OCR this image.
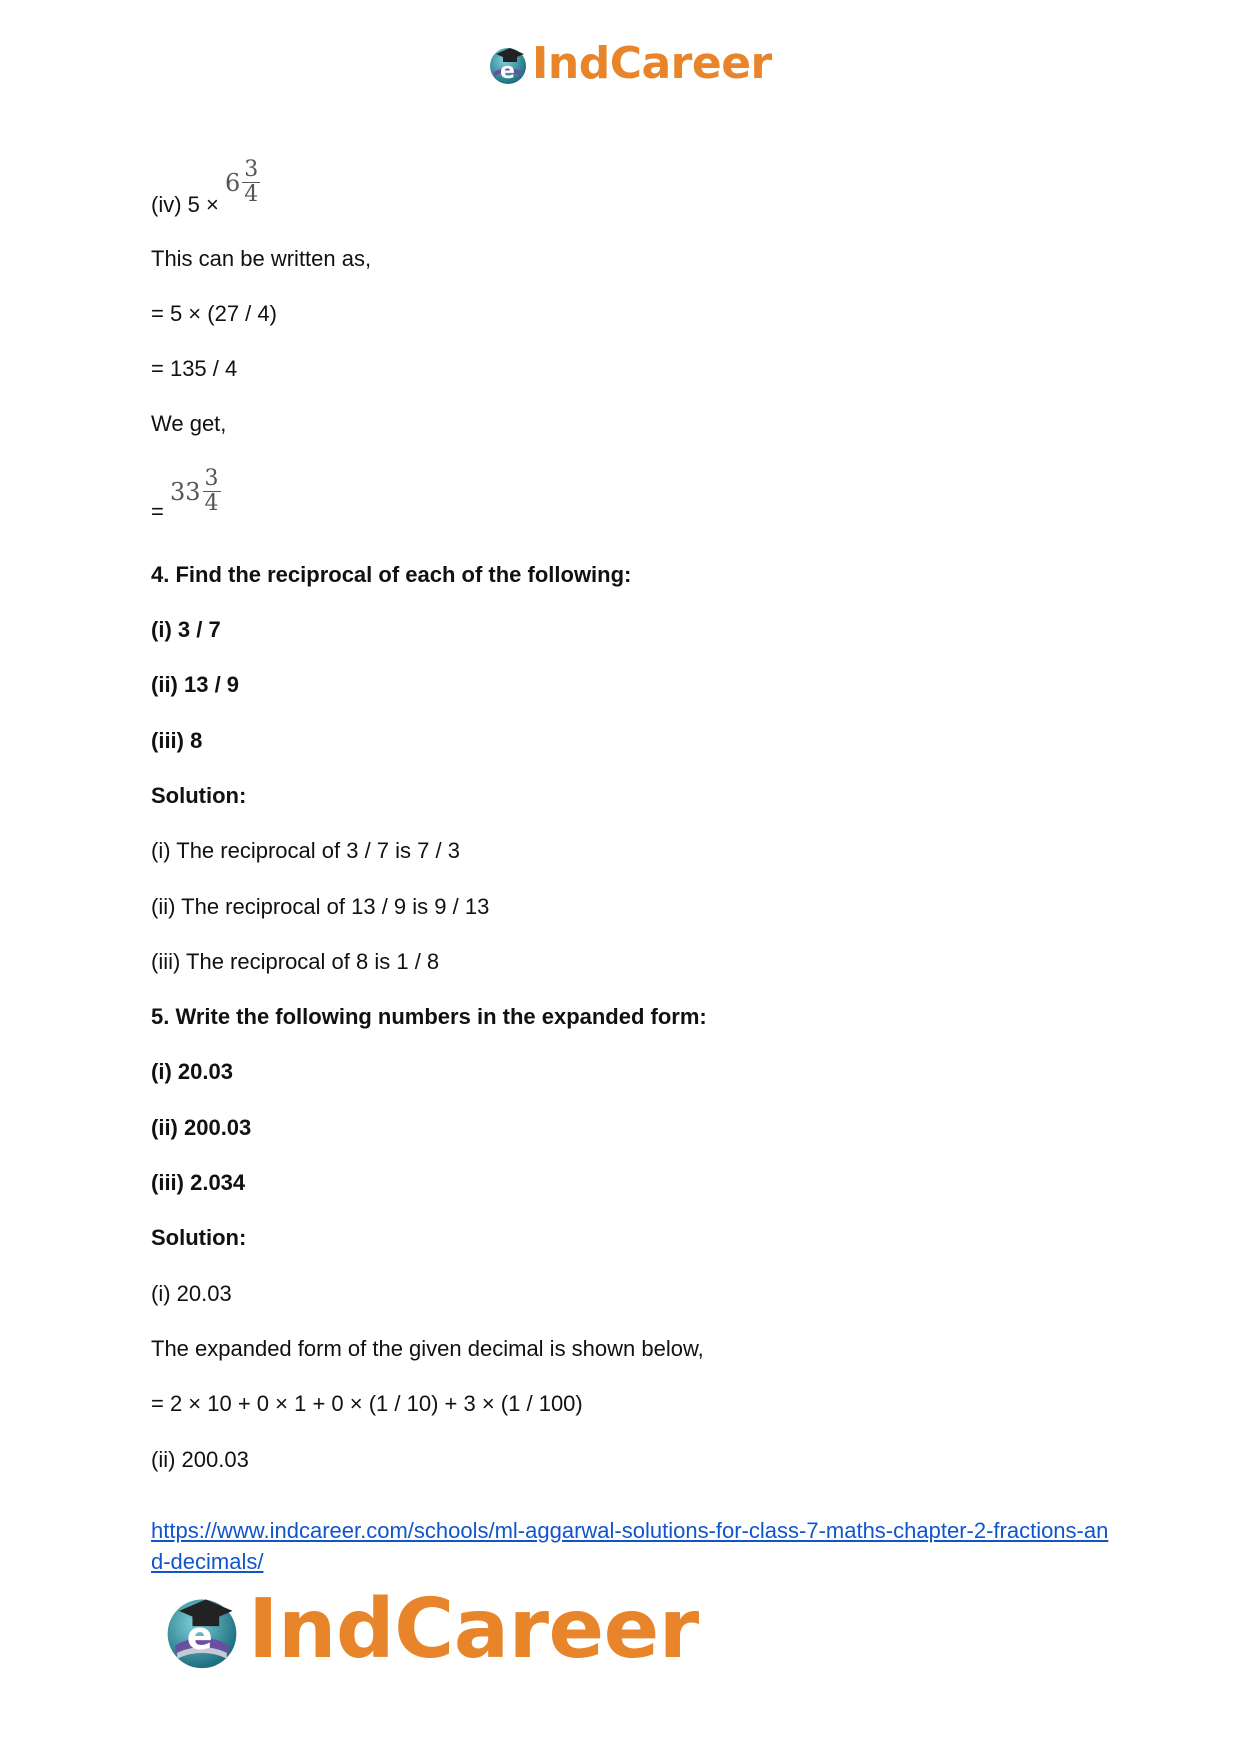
e IndCareer
(iv) 5 ×
$6 \frac{3}{4}$
This can be written as,
= 5 × (27 / 4)
= 135 / 4
We get,
=
$33 \frac{3}{4}$
4. Find the reciprocal of each of the following:
(i) 3 / 7
(ii) 13 / 9
(iii) 8
Solution:
(i) The reciprocal of 3 / 7 is 7 / 3
(ii) The reciprocal of 13 / 9 is 9 / 13
(iii) The reciprocal of 8 is 1 / 8
5. Write the following numbers in the expanded form:
(i) 20.03
(ii) 200.03
(iii) 2.034
Solution:
(i) 20.03
The expanded form of the given decimal is shown below,
= 2 × 10 + 0 × 1 + 0 × (1 / 10) + 3 × (1 / 100)
(ii) 200.03
https://www.indcareer.com/schools/ml-aggarwal-solutions-for-class-7-maths-chapter-2-fractions-and-decimals/
e IndCareer
